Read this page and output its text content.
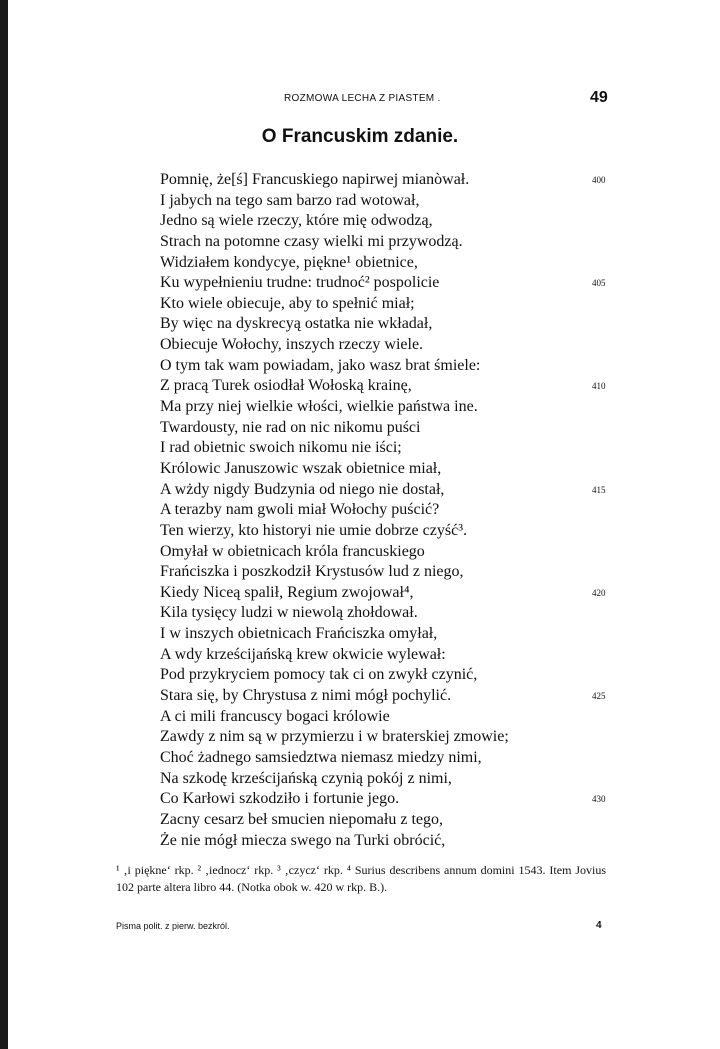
ROZMOWA LECHA Z PIASTEM .	49
O Francuskim zdanie.
Pomnię, że[ś] Francuskiego napirwej mianòwał.	400
I jabych na tego sam barzo rad wotował,
Jedno są wiele rzeczy, które mię odwodzą,
Strach na potomne czasy wielki mi przywodzą.
Widziałem kondycye, piękne¹ obietnice,
Ku wypełnieniu trudne: trudnoć² pospolicie	405
Kto wiele obiecuje, aby to spełnić miał;
By więc na dyskrecyą ostatka nie wkładał,
Obiecuje Wołochy, inszych rzeczy wiele.
O tym tak wam powiadam, jako wasz brat śmiele:
Z pracą Turek osiodłał Wołoską krainę,	410
Ma przy niej wielkie włości, wielkie państwa ine.
Twardousty, nie rad on nic nikomu puści
I rad obietnic swoich nikomu nie iści;
Królowic Januszowic wszak obietnice miał,
A wżdy nigdy Budzynia od niego nie dostał,	415
A terazby nam gwoli miał Wołochy puścić?
Ten wierzy, kto historyi nie umie dobrze czyść³.
Omyłał w obietnicach króla francuskiego
Frańciszka i poszkodził Krystusów lud z niego,
Kiedy Niceą spalił, Regium zwojował⁴,	420
Kila tysięcy ludzi w niewolą zhołdował.
I w inszych obietnicach Frańciszka omyłał,
A wdy krześcijańską krew okwicie wylewał:
Pod przykryciem pomocy tak ci on zwykł czynić,
Stara się, by Chrystusa z nimi mógł pochylić.	425
A ci mili francuscy bogaci królowie
Zawdy z nim są w przymierzu i w braterskiej zmowie;
Choć żadnego samsiedztwa niemasz miedzy nimi,
Na szkodę krześcijańską czynią pokój z nimi,
Co Karłowi szkodziło i fortunie jego.	430
Zacny cesarz beł smucien niepomału z tego,
Że nie mógł miecza swego na Turki obrócić,

¹ ‚i piękne‘ rkp. ² ‚iednocz‘ rkp. ³ ‚czycz‘ rkp. ⁴ Surius describens annum domini 1543. Item Jovius 102 parte altera libro 44. (Notka obok w. 420 w rkp. B.).

Pisma polit. z pierw. bezkról.	4
